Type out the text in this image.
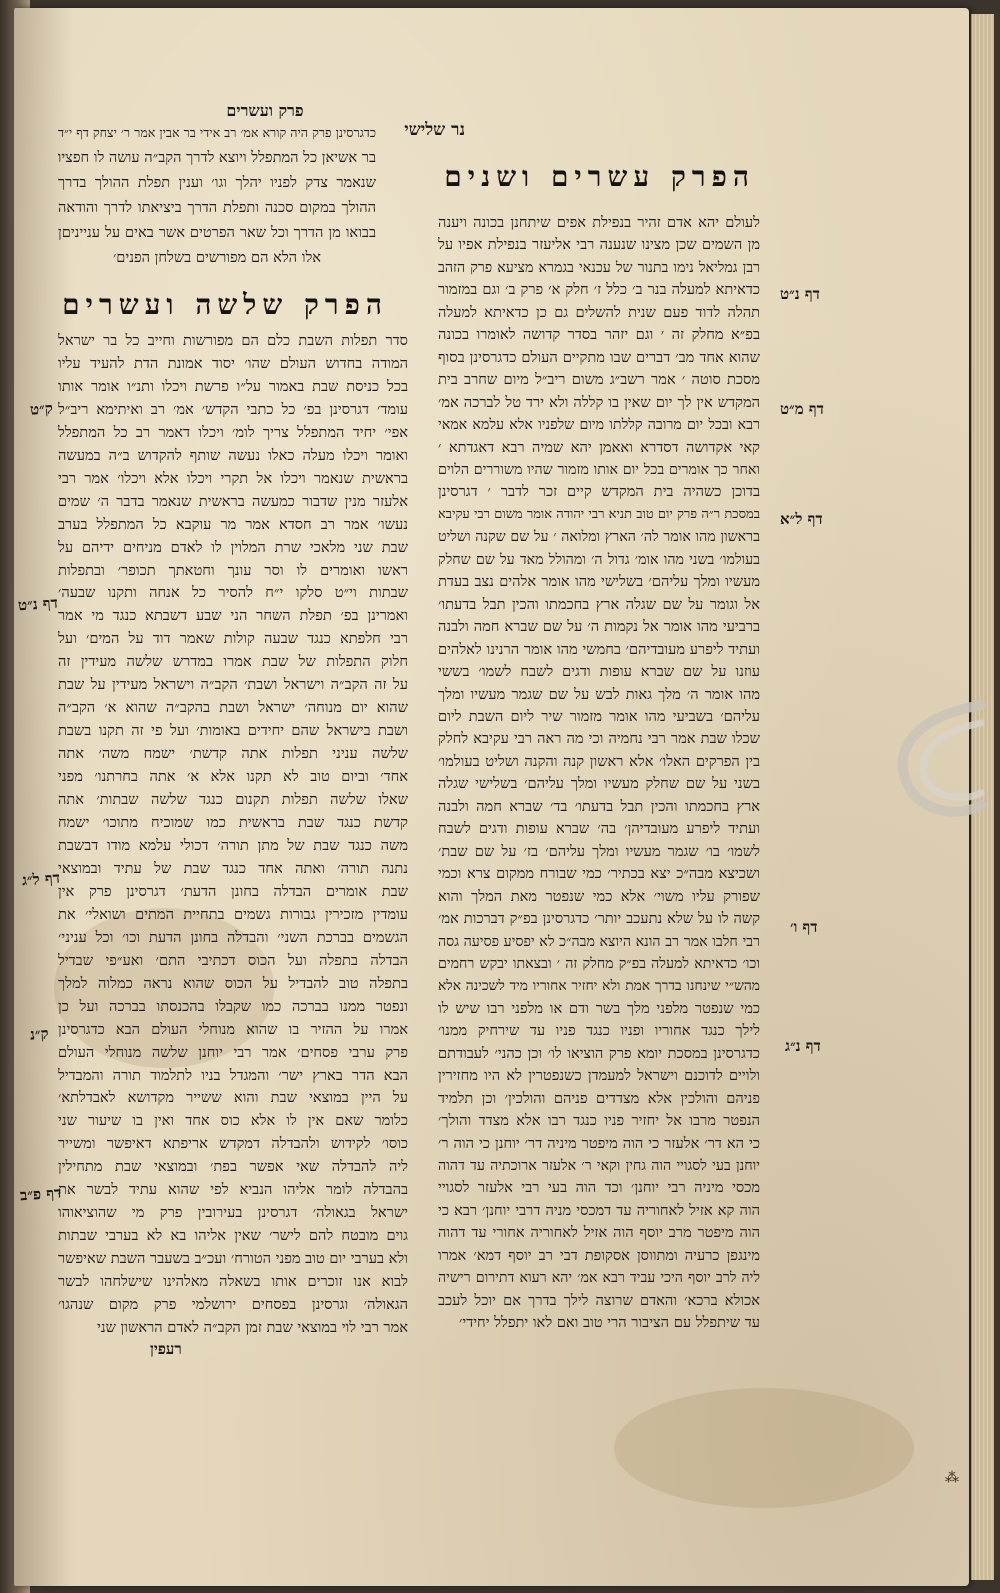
נר שלישי
פרק ועשרים
כדגרסינן פרק היה קורא אמ׳ רב אידי בר אבין אמר ר׳ יצחק דף י״ד
בר אשיאן כל המתפלל ויוצא לדרך הקב״ה עושה לו חפציו
שנאמר צדק לפניו יהלך וגו׳ וענין תפלת ההולך בדרך
ההולך במקום סכנה ותפלת הדרך ביציאתו לדרך והודאה
בבואו מן הדרך וכל שאר הפרטים אשר באים על ענייניםן
אלו הלא הם מפורשים בשלחן הפנים׳
הפרק שלשה ועשרים
סדר תפלות השבת כלם הם מפורשות וחייב כל בר ישראל
המודה בחדוש העולם שהו׳ יסוד אמונת הדת להעיד עליו
בכל כניסת שבת באמור על״ו פרשת ויכלו ותנ״ו אומר אותו
עומד׳ דגרסינן בפ׳ כל כתבי הקדש׳ אמ׳ רב ואיתימא ריב״ל
אפי׳ יחיד המתפלל צריך לומ׳ ויכלו דאמר רב כל המתפלל
ואומר ויכלו מעלה כאלו נעשה שותף להקדוש ב״ה במעשה
בראשית שנאמר ויכלו אל תקרי ויכלו אלא ויכלו׳ אמר רבי
אלעזר מנין שדבור כמעשה בראשית שנאמר בדבר ה׳ שמים
נעשו׳ אמר רב חסדא אמר מר עוקבא כל המתפלל בערב
שבת שני מלאכי שרת המלוין לו לאדם מניחים ידיהם על
ראשו ואומרים לו וסר עונך וחטאתך תכופר׳ ובתפלות
שבתות וי״ט סלקו י״ח להסיר כל אנחה ותקנו שבעה׳
ואמרינן בפ׳ תפלת השחר הני שבע דשבתא כנגד מי אמר
רבי חלפתא כנגד שבעה קולות שאמר דוד על המים׳ ועל
חלוק התפלות של שבת אמרו במדרש שלשה מעידין זה
על זה הקב״ה וישראל ושבת׳ הקב״ה וישראל מעידין על שבת
שהוא יום מנוחה׳ ישראל ושבת בהקב״ה שהוא א׳ הקב״ה
ושבת בישראל שהם יחידים באומות׳ ועל פי זה תקנו בשבת
שלשה עניני תפלות אתה קדשת׳ ישמח משה׳ אתה
אחד׳ וביום טוב לא תקנו אלא א׳ אתה בחרתנו׳ מפני
שאלו שלשה תפלות תקנום כנגד שלשה שבתות׳ אתה
קדשת כנגד שבת בראשית כמו שמוכיח מתוכו׳ ישמח
משה כנגד שבת של מתן תורה׳ דכולי עלמא מודו דבשבת
נתנה תורה׳ ואתה אחד כנגד שבת של עתיד ובמוצאי
שבת אומרים הבדלה בחונן הדעת׳ דגרסינן פרק אין
עומדין מזכירין גבורות גשמים בתחיית המתים ושואלי׳ את
הגשמים בברכת השני׳ והבדלה בחונן הדעת וכו׳ וכל עניני׳
הבדלה בתפלה ועל הכוס דכתיבי התם׳ ואע״פי שבדיל
בתפלה טוב להבדיל על הכוס שהוא נראה כמלוה למלך
ונפטר ממנו בברכה כמו שקבלו בהכנסתו בברכה ועל כן
אמרו על ההזיר בו שהוא מנוחלי העולם הבא כדגרסינן
פרק ערבי פסחים׳ אמר רבי יוחנן שלשה מנוחלי העולם
הבא הדר בארץ ישר׳ והמגדל בניו לתלמוד תורה והמבדיל
על היין במוצאי שבת והוא ששייר מקדושא לאבדלתא׳
כלומר שאם אין לו אלא כוס אחד ואין בו שיעור שני
כוסו׳ לקידוש ולהבדלה דמקדש אריפתא דאיפשר ומשייר
ליה להבדלה שאי אפשר בפת׳ ובמוצאי שבת מתחילין
בהבדלה לומר אליהו הנביא לפי שהוא עתיד לבשר את
ישראל בגאולה׳ דגרסינן בעירובין פרק מי שהוציאוהו
גוים מובטח להם לישר׳ שאין אליהו בא לא בערבי שבתות
ולא בערבי יום טוב מפני הטורח׳ ועכ״ב בשעבר השבת שאיפשר
לבוא אנו זוכרים אותו בשאלה מאלהינו שישלחהו לבשר
הגאולה׳ וגרסינן בפסחים ירושלמי פרק מקום שנהגו׳
אמר רבי לוי במוצאי שבת זמן הקב״ה לאדם הראשון שני
רעפין
הפרק עשרים ושנים
לעולם יהא אדם זהיר בנפילת אפים שיתחנן בכונה ויענה
מן השמים שכן מצינו שנענה רבי אליעזר בנפילת אפיו על
רבן גמליאל נימו בתנור של עכנאי בגמרא מציעא פרק הזהב
כדאיתא למעלה בנר ב׳ כלל ז׳ חלק א׳ פרק ב׳ וגם במזמור
תהלה לדוד פעם שנית להשלים גם כן כדאיתא למעלה
בפ״א מחלק זה ׳ וגם יזהר בסדר קדושה לאומרו בכונה
שהוא אחד מב׳ דברים שבו מתקיים העולם כדגרסינן בסוף
מסכת סוטה ׳ אמר רשב״ג משום ריב״ל מיום שחרב בית
המקדש אין לך יום שאין בו קללה ולא ירד טל לברכה אמ׳
רבא ובכל יום מרובה קללתו מיום שלפניו אלא עלמא אמאי
קאי אקדושה דסדרא ואאמן יהא שמיה רבא דאגדתא ׳
ואחר כך אומרים בכל יום אותו מזמור שהיו משוררים הלוים
בדוכן כשהיה בית המקדש קיים זכר לדבר ׳ דגרסינן
במסכת ר״ה פרק יום טוב תניא רבי יהודה אומר משום רבי עקיבא
בראשון מהו אומר לה׳ הארץ ומלואה ׳ על שם שקנה ושליט
בעולמו׳ בשני מהו אומ׳ גדול ה׳ ומהולל מאד על שם שחלק
מעשיו ומלך עליהם׳ בשלישי מהו אומר אלהים נצב בעדת
אל וגומר על שם שגלה ארץ בחכמתו והכין תבל בדעתו׳
ברביעי מהו אומר אל נקמות ה׳ על שם שברא חמה ולבנה
ועתיד ליפרע מעובדיהם׳ בחמשי מהו אומר הרנינו לאלהים
עוזנו על שם שברא עופות ודגים לשבח לשמו׳ בששי
מהו אומר ה׳ מלך גאות לבש על שם שגמר מעשיו ומלך
עליהם׳ בשביעי מהו אומר מזמור שיר ליום השבת ליום
שכלו שבת אמר רבי נחמיה וכי מה ראה רבי עקיבא לחלק
בין הפרקים האלו׳ אלא ראשון קנה והקנה ושליט בעולמו׳
בשני על שם שחלק מעשיו ומלך עליהם׳ בשלישי שגלה
ארץ בחכמתו והכין תבל בדעתו׳ בד׳ שברא חמה ולבנה
ועתיד ליפרע מעובדיהן׳ בה׳ שברא עופות ודגים לשבח
לשמו׳ בו׳ שגמר מעשיו ומלך עליהם׳ בז׳ על שם שבת׳
ושכיצא מבה״כ יצא בכתיר׳ כמי שבורח ממקום צרא וכמי
שפורק עליו משוי׳ אלא כמי שנפטר מאת המלך והוא
קשה לו על שלא נתעכב יותר׳ כדגרסינן בפ״ק דברכות אמ׳
רבי חלבו אמר רב הונא היוצא מבה״כ לא יפסיע פסיעה גסה
וכו׳ כדאיתא למעלה בפ״ק מחלק זה ׳ ובצאתו יבקש רחמים
מהש״י שינחנו בדרך אמת ולא יחזיר אחוריו מיד לשכינה אלא
כמי שנפטר מלפני מלך בשר ודם או מלפני רבו שיש לו
לילך כנגד אחוריו ופניו כנגד פניו עד שירחיק ממנו׳
כדגרסינן במסכת יומא פרק הוציאו לו׳ וכן כהני׳ לעבודתם
ולויים לדוכנם וישראל למעמדן כשנפטרין לא היו מחזירין
פניהם והולכין אלא מצדדים פניהם והולכין׳ וכן תלמיד
הנפטר מרבו אל יחזיר פניו כנגד רבו אלא מצדד והולך׳
כי הא דר׳ אלעזר כי הוה מיפטר מיניה דר׳ יוחנן כי הוה ר׳
יוחנן בעי לסגויי הוה גחין וקאי ר׳ אלעזר ארוכתיה עד דהוה
מכסי מיניה רבי יוחנן׳ וכד הוה בעי רבי אלעזר לסגויי
הוה קא אזיל לאחוריה עד דמכסי מניה דרבי יוחנן׳ רבא כי
הוה מיפטר מרב יוסף הוה אזיל לאחוריה אחורי עד דהוה
מינגפן כרעיה ומתווסן אסקופת דבי רב יוסף דמא׳ אמרו
ליה לרב יוסף היכי עביד רבא אמ׳ יהא רעוא דתירום רישיה
אכולא ברכא׳ והאדם שרוצה לילך בדרך אם יוכל לעכב
עד שיתפלל עם הציבור הרי טוב ואם לאו יתפלל יחידי׳
דף נ״ט
דף מ״ט
דף ל״א
דף ו׳
דף נ״ג
ק״ט
דף נ״ט
דף ל״ג
ק״נ
דף פ״ב
⁂
